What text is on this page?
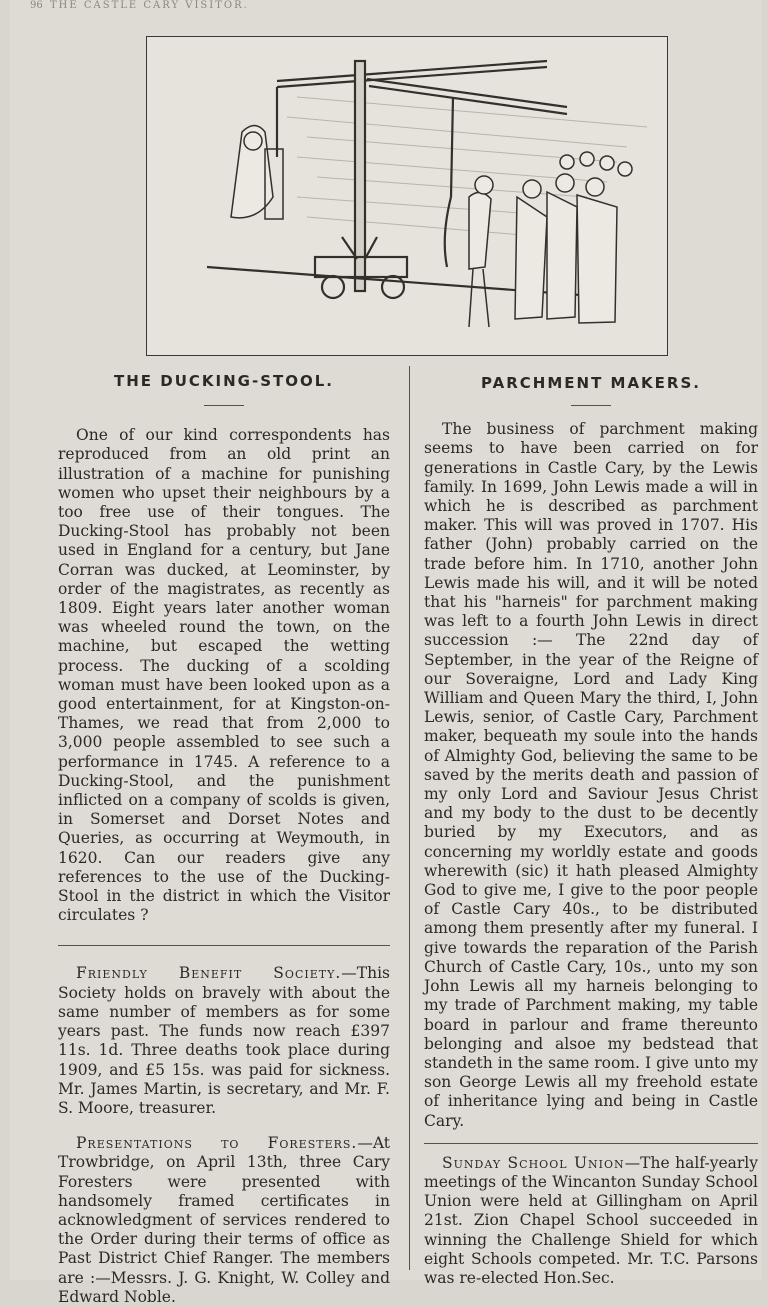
96 THE CASTLE CARY VISITOR.
THE DUCKING-STOOL.

One of our kind correspondents has reproduced from an old print an illustration of a machine for punishing women who upset their neighbours by a too free use of their tongues. The Ducking-Stool has probably not been used in England for a century, but Jane Corran was ducked, at Leominster, by order of the magistrates, as recently as 1809. Eight years later another woman was wheeled round the town, on the machine, but escaped the wetting process. The ducking of a scolding woman must have been looked upon as a good entertainment, for at Kingston-on-Thames, we read that from 2,000 to 3,000 people assembled to see such a performance in 1745. A reference to a Ducking-Stool, and the punishment inflicted on a company of scolds is given, in Somerset and Dorset Notes and Queries, as occurring at Weymouth, in 1620. Can our readers give any references to the use of the Ducking-Stool in the district in which the Visitor circulates ?

Friendly Benefit Society.—This Society holds on bravely with about the same number of members as for some years past. The funds now reach £397 11s. 1d. Three deaths took place during 1909, and £5 15s. was paid for sickness. Mr. James Martin, is secretary, and Mr. F. S. Moore, treasurer.

Presentations to Foresters.—At Trowbridge, on April 13th, three Cary Foresters were presented with handsomely framed certificates in acknowledgment of services rendered to the Order during their terms of office as Past District Chief Ranger. The members are :—Messrs. J. G. Knight, W. Colley and Edward Noble.

PARCHMENT MAKERS.

The business of parchment making seems to have been carried on for generations in Castle Cary, by the Lewis family. In 1699, John Lewis made a will in which he is described as parchment maker. This will was proved in 1707. His father (John) probably carried on the trade before him. In 1710, another John Lewis made his will, and it will be noted that his "harneis" for parchment making was left to a fourth John Lewis in direct succession :— The 22nd day of September, in the year of the Reigne of our Soveraigne, Lord and Lady King William and Queen Mary the third, I, John Lewis, senior, of Castle Cary, Parchment maker, bequeath my soule into the hands of Almighty God, believing the same to be saved by the merits death and passion of my only Lord and Saviour Jesus Christ and my body to the dust to be decently buried by my Executors, and as concerning my worldly estate and goods wherewith (sic) it hath pleased Almighty God to give me, I give to the poor people of Castle Cary 40s., to be distributed among them presently after my funeral. I give towards the reparation of the Parish Church of Castle Cary, 10s., unto my son John Lewis all my harneis belonging to my trade of Parchment making, my table board in parlour and frame thereunto belonging and alsoe my bedstead that standeth in the same room. I give unto my son George Lewis all my freehold estate of inheritance lying and being in Castle Cary.

Sunday School Union—The half-yearly meetings of the Wincanton Sunday School Union were held at Gillingham on April 21st. Zion Chapel School succeeded in winning the Challenge Shield for which eight Schools competed. Mr. T.C. Parsons was re-elected Hon.Sec.
